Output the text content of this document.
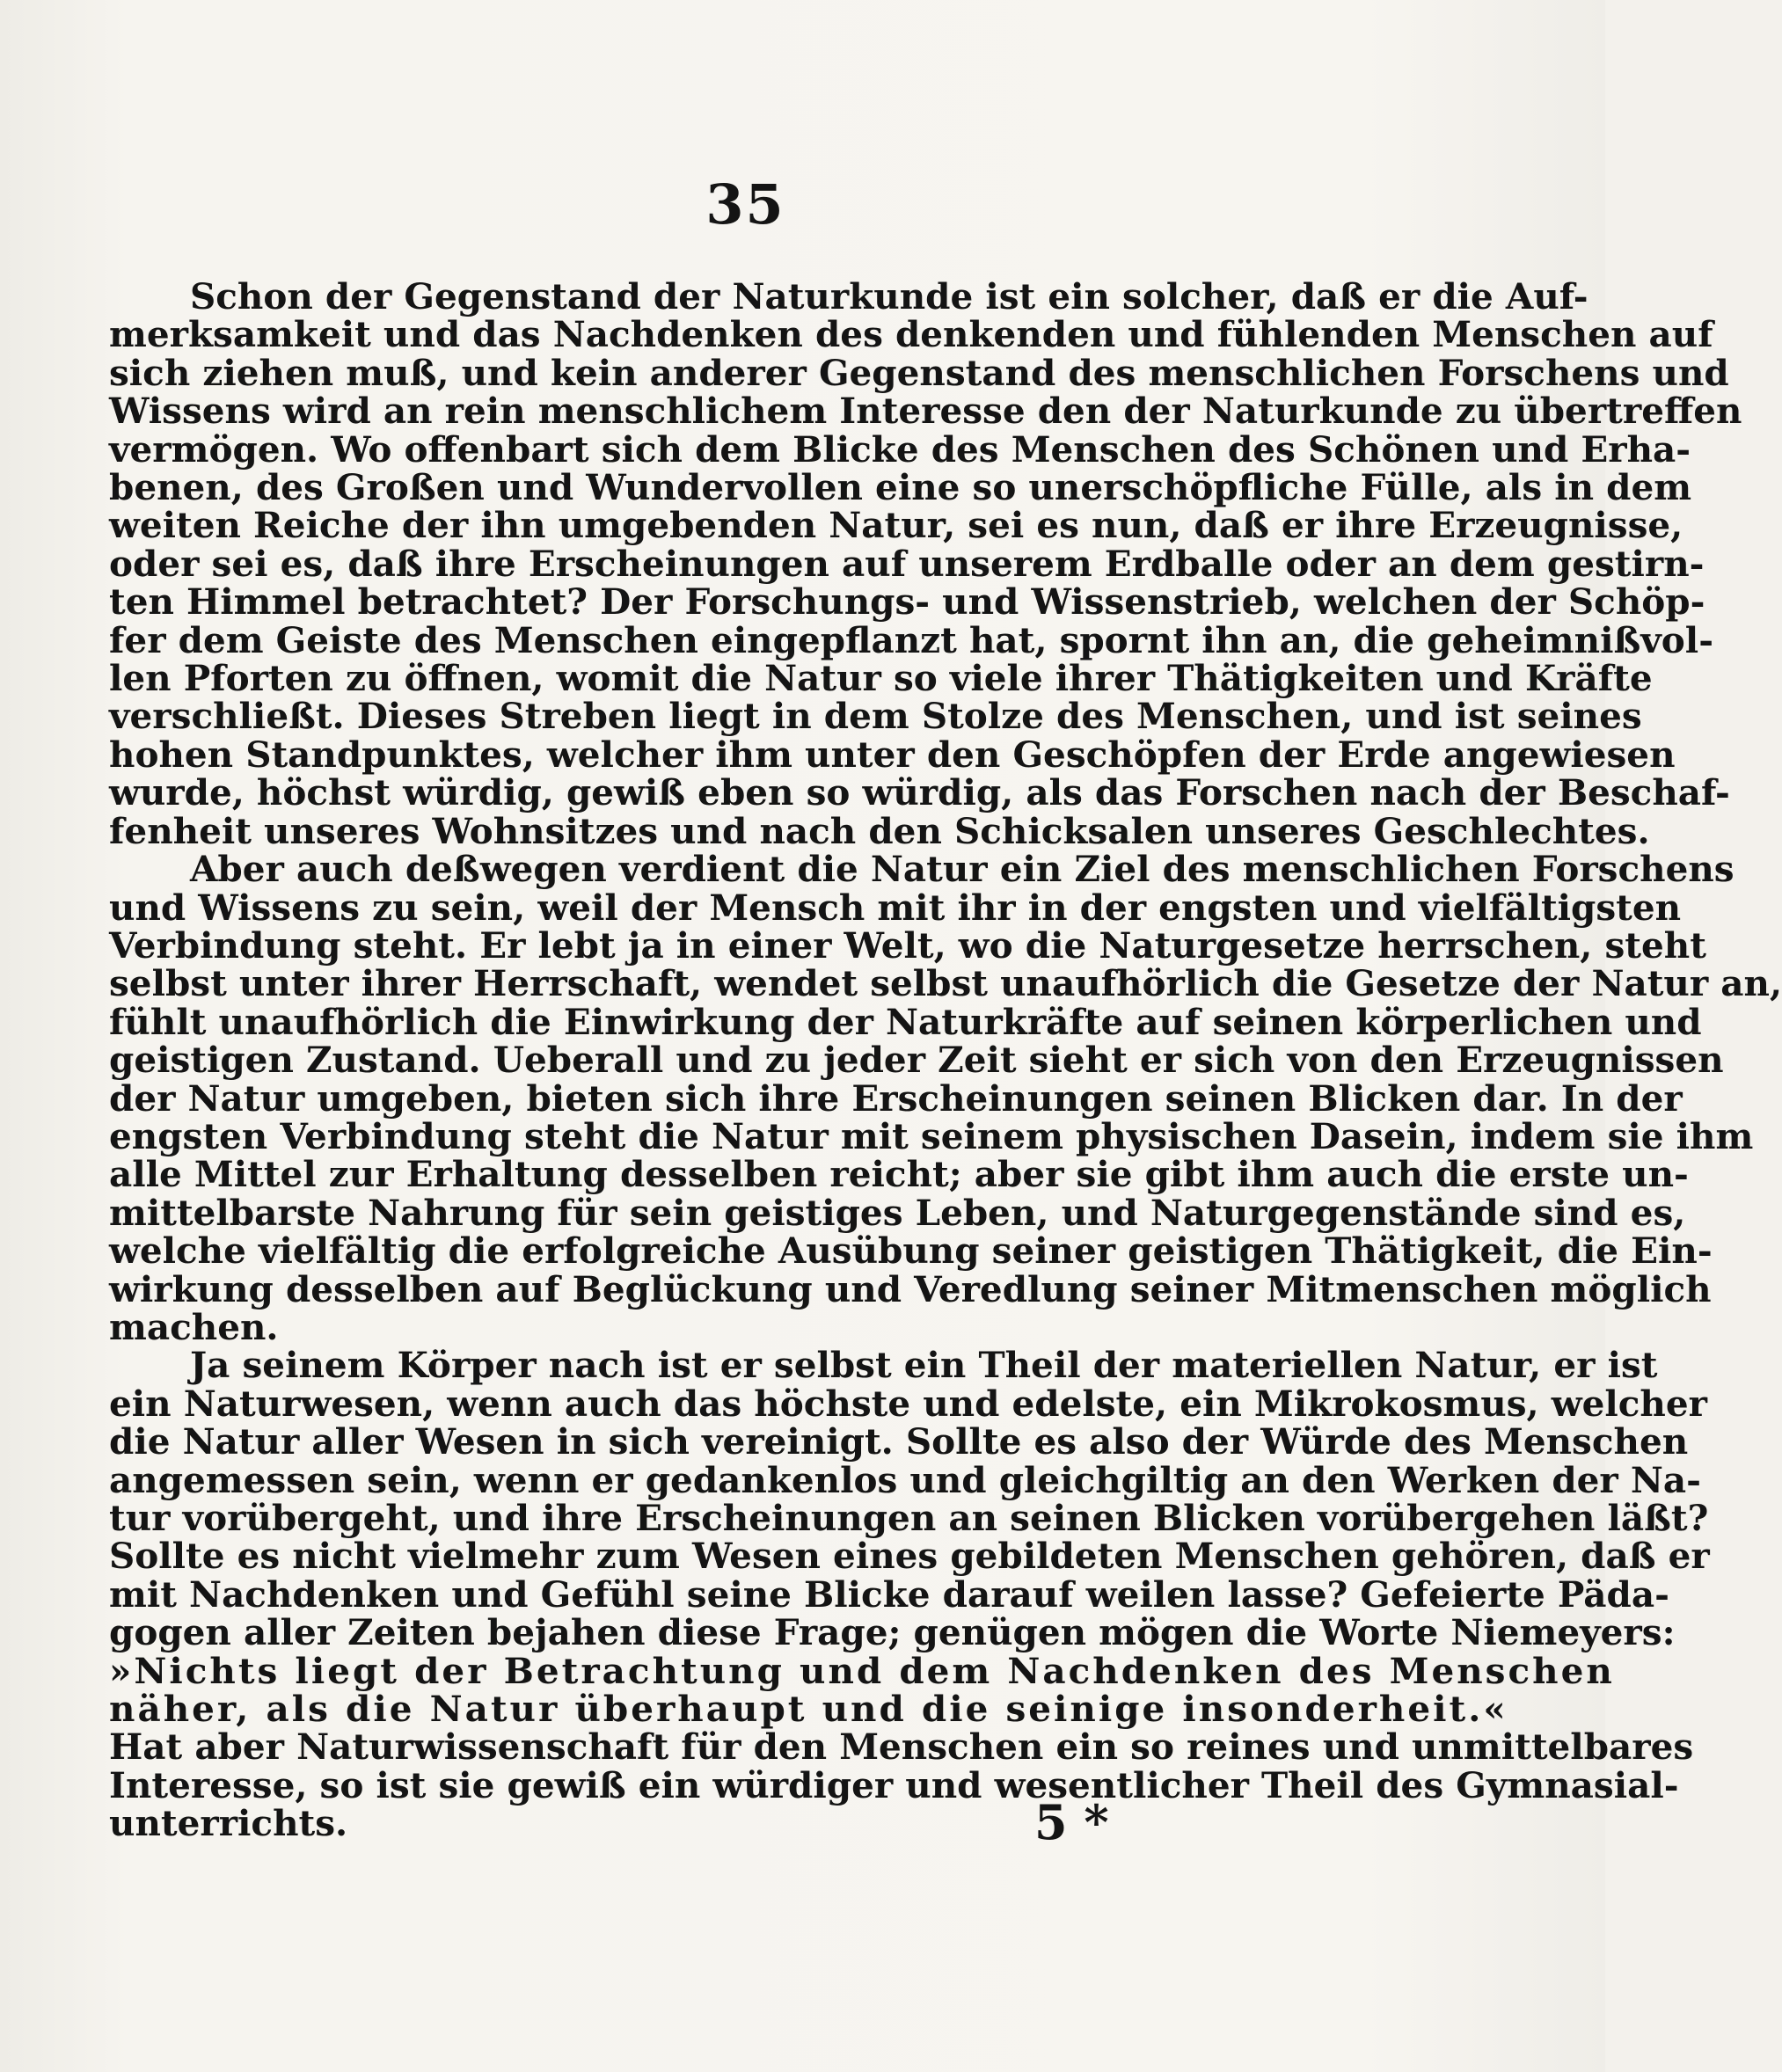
35
Schon der Gegenstand der Naturkunde ist ein solcher, daß er die Auf-
merksamkeit und das Nachdenken des denkenden und fühlenden Menschen auf
sich ziehen muß, und kein anderer Gegenstand des menschlichen Forschens und
Wissens wird an rein menschlichem Interesse den der Naturkunde zu übertreffen
vermögen. Wo offenbart sich dem Blicke des Menschen des Schönen und Erha-
benen, des Großen und Wundervollen eine so unerschöpfliche Fülle, als in dem
weiten Reiche der ihn umgebenden Natur, sei es nun, daß er ihre Erzeugnisse,
oder sei es, daß ihre Erscheinungen auf unserem Erdballe oder an dem gestirn-
ten Himmel betrachtet? Der Forschungs- und Wissenstrieb, welchen der Schöp-
fer dem Geiste des Menschen eingepflanzt hat, spornt ihn an, die geheimnißvol-
len Pforten zu öffnen, womit die Natur so viele ihrer Thätigkeiten und Kräfte
verschließt. Dieses Streben liegt in dem Stolze des Menschen, und ist seines
hohen Standpunktes, welcher ihm unter den Geschöpfen der Erde angewiesen
wurde, höchst würdig, gewiß eben so würdig, als das Forschen nach der Beschaf-
fenheit unseres Wohnsitzes und nach den Schicksalen unseres Geschlechtes.
Aber auch deßwegen verdient die Natur ein Ziel des menschlichen Forschens
und Wissens zu sein, weil der Mensch mit ihr in der engsten und vielfältigsten
Verbindung steht. Er lebt ja in einer Welt, wo die Naturgesetze herrschen, steht
selbst unter ihrer Herrschaft, wendet selbst unaufhörlich die Gesetze der Natur an,
fühlt unaufhörlich die Einwirkung der Naturkräfte auf seinen körperlichen und
geistigen Zustand. Ueberall und zu jeder Zeit sieht er sich von den Erzeugnissen
der Natur umgeben, bieten sich ihre Erscheinungen seinen Blicken dar. In der
engsten Verbindung steht die Natur mit seinem physischen Dasein, indem sie ihm
alle Mittel zur Erhaltung desselben reicht; aber sie gibt ihm auch die erste un-
mittelbarste Nahrung für sein geistiges Leben, und Naturgegenstände sind es,
welche vielfältig die erfolgreiche Ausübung seiner geistigen Thätigkeit, die Ein-
wirkung desselben auf Beglückung und Veredlung seiner Mitmenschen möglich
machen.
Ja seinem Körper nach ist er selbst ein Theil der materiellen Natur, er ist
ein Naturwesen, wenn auch das höchste und edelste, ein Mikrokosmus, welcher
die Natur aller Wesen in sich vereinigt. Sollte es also der Würde des Menschen
angemessen sein, wenn er gedankenlos und gleichgiltig an den Werken der Na-
tur vorübergeht, und ihre Erscheinungen an seinen Blicken vorübergehen läßt?
Sollte es nicht vielmehr zum Wesen eines gebildeten Menschen gehören, daß er
mit Nachdenken und Gefühl seine Blicke darauf weilen lasse? Gefeierte Päda-
gogen aller Zeiten bejahen diese Frage; genügen mögen die Worte Niemeyers:
»Nichts liegt der Betrachtung und dem Nachdenken des Menschen
näher, als die Natur überhaupt und die seinige insonderheit.«
Hat aber Naturwissenschaft für den Menschen ein so reines und unmittelbares
Interesse, so ist sie gewiß ein würdiger und wesentlicher Theil des Gymnasial-
unterrichts.	5 *
